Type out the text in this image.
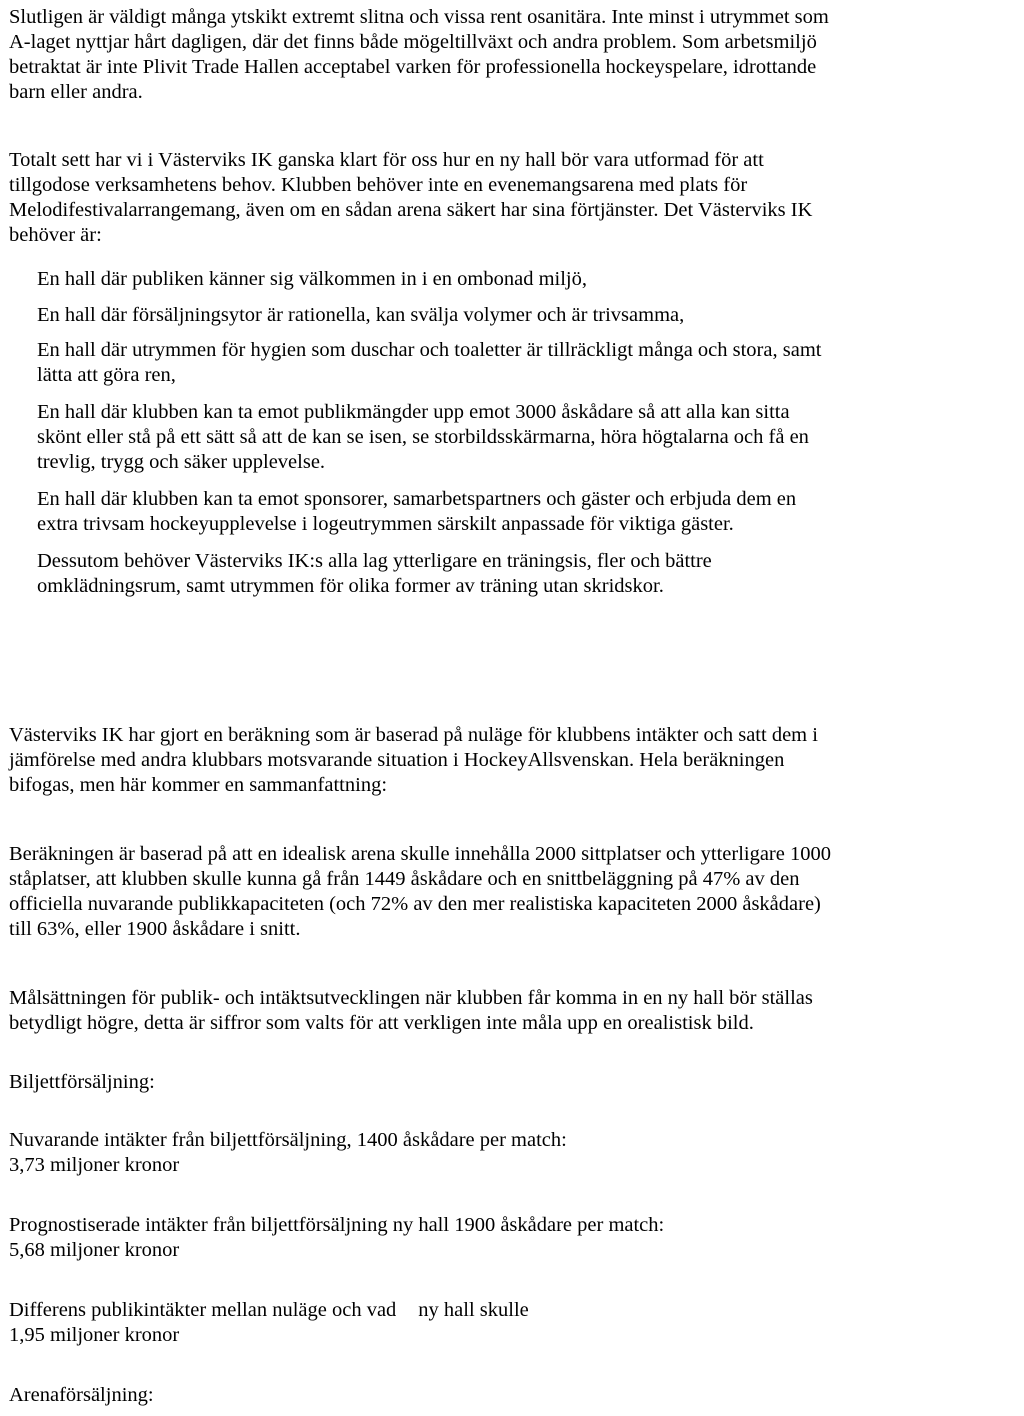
Slutligen är väldigt många ytskikt extremt slitna och vissa rent osanitära. Inte minst i utrymmet som
A-laget nyttjar hårt dagligen, där det finns både mögeltillväxt och andra problem. Som arbetsmiljö
betraktat är inte Plivit Trade Hallen acceptabel varken för professionella hockeyspelare, idrottande
barn eller andra.
Totalt sett har vi i Västerviks IK ganska klart för oss hur en ny hall bör vara utformad för att
tillgodose verksamhetens behov. Klubben behöver inte en evenemangsarena med plats för
Melodifestivalarrangemang, även om en sådan arena säkert har sina förtjänster. Det Västerviks IK
behöver är:
En hall där publiken känner sig välkommen in i en ombonad miljö,
En hall där försäljningsytor är rationella, kan svälja volymer och är trivsamma,
En hall där utrymmen för hygien som duschar och toaletter är tillräckligt många och stora, samt
lätta att göra ren,
En hall där klubben kan ta emot publikmängder upp emot 3000 åskådare så att alla kan sitta
skönt eller stå på ett sätt så att de kan se isen, se storbildsskärmarna, höra högtalarna och få en
trevlig, trygg och säker upplevelse.
En hall där klubben kan ta emot sponsorer, samarbetspartners och gäster och erbjuda dem en
extra trivsam hockeyupplevelse i logeutrymmen särskilt anpassade för viktiga gäster.
Dessutom behöver Västerviks IK:s alla lag ytterligare en träningsis, fler och bättre
omklädningsrum, samt utrymmen för olika former av träning utan skridskor.
Västerviks IK har gjort en beräkning som är baserad på nuläge för klubbens intäkter och satt dem i
jämförelse med andra klubbars motsvarande situation i HockeyAllsvenskan. Hela beräkningen
bifogas, men här kommer en sammanfattning:
Beräkningen är baserad på att en idealisk arena skulle innehålla 2000 sittplatser och ytterligare 1000
ståplatser, att klubben skulle kunna gå från 1449 åskådare och en snittbeläggning på 47% av den
officiella nuvarande publikkapaciteten (och 72% av den mer realistiska kapaciteten 2000 åskådare)
till 63%, eller 1900 åskådare i snitt.
Målsättningen för publik- och intäktsutvecklingen när klubben får komma in en ny hall bör ställas
betydligt högre, detta är siffror som valts för att verkligen inte måla upp en orealistisk bild.
Biljettförsäljning:
Nuvarande intäkter från biljettförsäljning, 1400 åskådare per match:
3,73 miljoner kronor
Prognostiserade intäkter från biljettförsäljning ny hall 1900 åskådare per match:
5,68 miljoner kronor
Differens publikintäkter mellan nuläge och vad ny hall skulle
1,95 miljoner kronor
Arenaförsäljning:
